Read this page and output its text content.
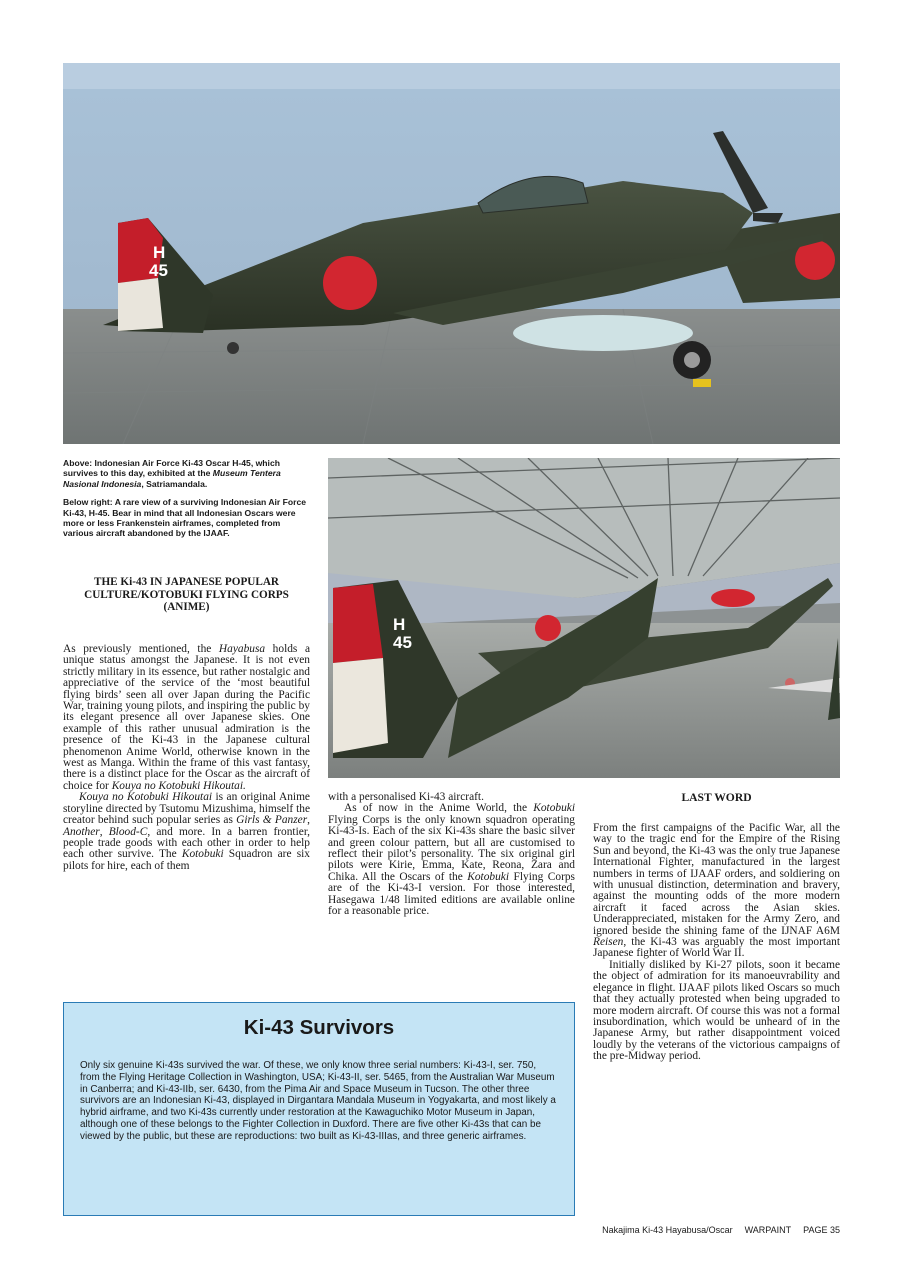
H
45

Above: Indonesian Air Force Ki-43 Oscar H-45, which survives to this day, exhibited at the Museum Tentera Nasional Indonesia, Satriamandala.

Below right: A rare view of a surviving Indonesian Air Force Ki-43, H-45. Bear in mind that all Indonesian Oscars were more or less Frankenstein airframes, completed from various aircraft abandoned by the IJAAF.

THE Ki-43 IN JAPANESE POPULAR CULTURE/KOTOBUKI FLYING CORPS (ANIME)
H
45

As previously mentioned, the Hayabusa holds a unique status amongst the Japanese. It is not even strictly military in its essence, but rather nostalgic and appreciative of the service of the ‘most beautiful flying birds’ seen all over Japan during the Pacific War, training young pilots, and inspiring the public by its elegant presence all over Japanese skies. One example of this rather unusual admiration is the presence of the Ki-43 in the Japanese cultural phenomenon Anime World, otherwise known in the west as Manga. Within the frame of this vast fantasy, there is a distinct place for the Oscar as the aircraft of choice for Kouya no Kotobuki Hikoutai.

Kouya no Kotobuki Hikoutai is an original Anime storyline directed by Tsutomu Mizushima, himself the creator behind such popular series as Girls & Panzer, Another, Blood-C, and more. In a barren frontier, people trade goods with each other in order to help each other survive. The Kotobuki Squadron are six pilots for hire, each of them

with a personalised Ki-43 aircraft.

As of now in the Anime World, the Kotobuki Flying Corps is the only known squadron operating Ki-43-Is. Each of the six Ki-43s share the basic silver and green colour pattern, but all are customised to reflect their pilot’s personality. The six original girl pilots were Kirie, Emma, Kate, Reona, Zara and Chika. All the Oscars of the Kotobuki Flying Corps are of the Ki-43-I version. For those interested, Hasegawa 1/48 limited editions are available online for a reasonable price.

LAST WORD

From the first campaigns of the Pacific War, all the way to the tragic end for the Empire of the Rising Sun and beyond, the Ki-43 was the only true Japanese International Fighter, manufactured in the largest numbers in terms of IJAAF orders, and soldiering on with unusual distinction, determination and bravery, against the mounting odds of the more modern aircraft it faced across the Asian skies. Underappreciated, mistaken for the Army Zero, and ignored beside the shining fame of the IJNAF A6M Reisen, the Ki-43 was arguably the most important Japanese fighter of World War II.

Initially disliked by Ki-27 pilots, soon it became the object of admiration for its manoeuvrability and elegance in flight. IJAAF pilots liked Oscars so much that they actually protested when being upgraded to more modern aircraft. Of course this was not a formal insubordination, which would be unheard of in the Japanese Army, but rather disappointment voiced loudly by the veterans of the victorious campaigns of the pre-Midway period.

Ki-43 Survivors
Only six genuine Ki-43s survived the war. Of these, we only know three serial numbers: Ki-43-I, ser. 750, from the Flying Heritage Collection in Washington, USA; Ki-43-II, ser. 5465, from the Australian War Museum in Canberra; and Ki-43-IIb, ser. 6430, from the Pima Air and Space Museum in Tucson. The other three survivors are an Indonesian Ki-43, displayed in Dirgantara Mandala Museum in Yogyakarta, and most likely a hybrid airframe, and two Ki-43s currently under restoration at the Kawaguchiko Motor Museum in Japan, although one of these belongs to the Fighter Collection in Duxford. There are five other Ki-43s that can be viewed by the public, but these are reproductions: two built as Ki-43-IIIas, and three generic airframes.
Nakajima Ki-43 Hayabusa/Oscar WARPAINT PAGE 35
